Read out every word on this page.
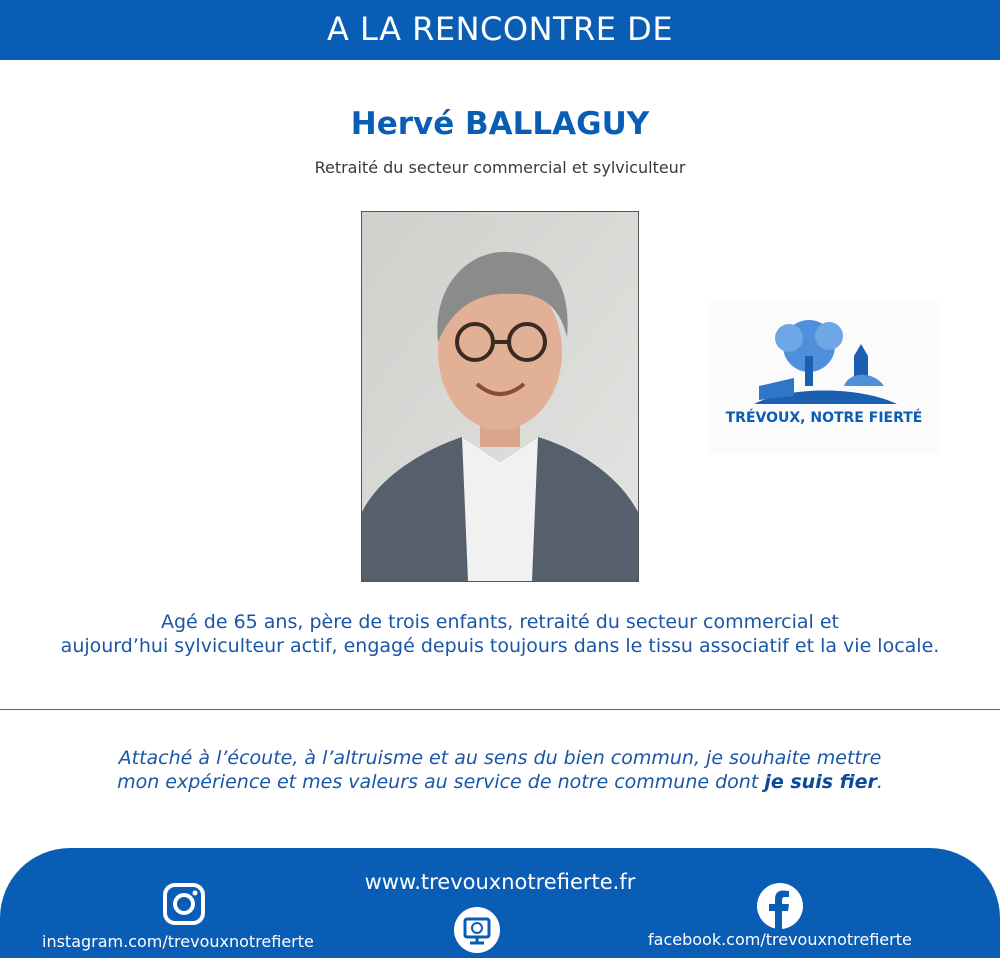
A LA RENCONTRE DE
Hervé BALLAGUY
Retraité du secteur commercial et sylviculteur
TRÉVOUX, NOTRE FIERTÉ
Agé de 65 ans, père de trois enfants, retraité du secteur commercial et
aujourd’hui sylviculteur actif, engagé depuis toujours dans le tissu associatif et la vie locale.
Attaché à l’écoute, à l’altruisme et au sens du bien commun, je souhaite mettre
mon expérience et mes valeurs au service de notre commune dont je suis fier.
www.trevouxnotrefierte.fr
instagram.com/trevouxnotrefierte	facebook.com/trevouxnotrefierte
